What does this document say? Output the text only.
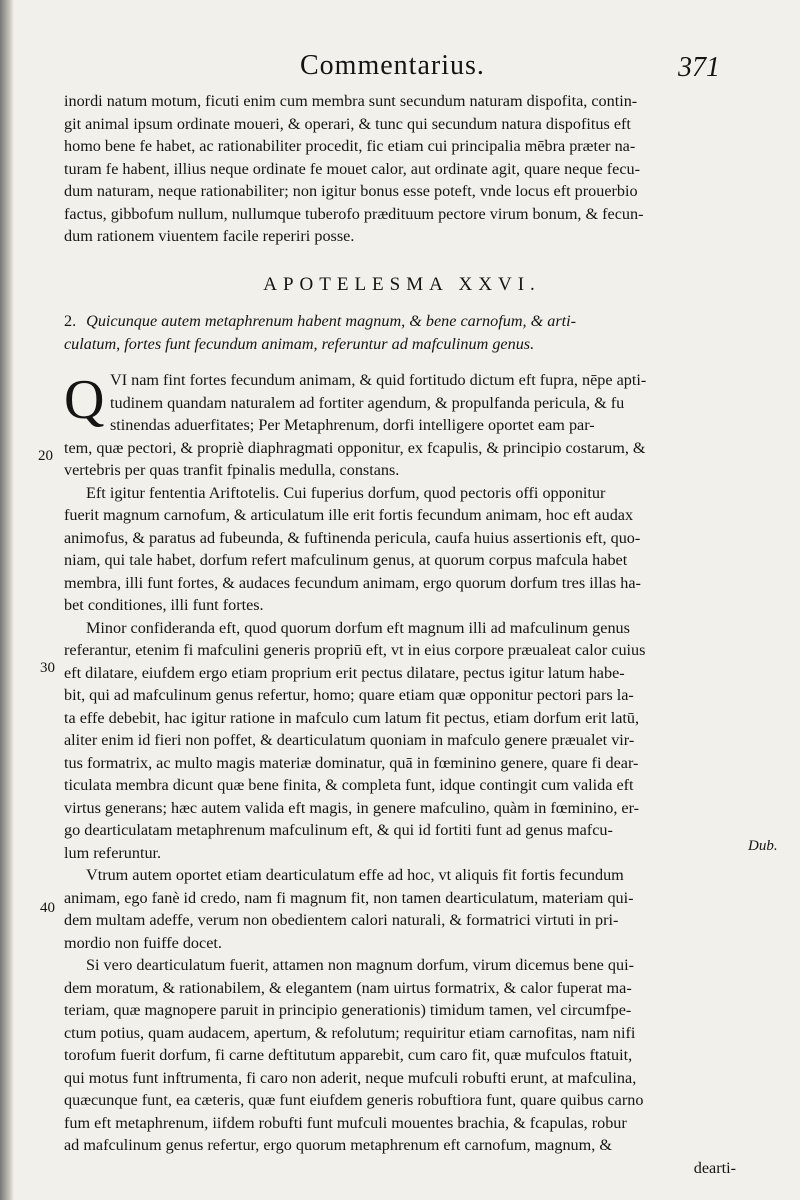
Commentarius.	371
inordi natum motum, ficuti enim cum membra sunt secundum naturam dispofita, contin-
git animal ipsum ordinate moueri, & operari, & tunc qui secundum natura dispofitus eft
homo bene fe habet, ac rationabiliter procedit, fic etiam cui principalia mēbra præter na-
turam fe habent, illius neque ordinate fe mouet calor, aut ordinate agit, quare neque fecu-
dum naturam, neque rationabiliter; non igitur bonus esse poteft, vnde locus eft prouerbio
factus, gibbofum nullum, nullumque tuberofo prædituum pectore virum bonum, & fecun-
dum rationem viuentem facile reperiri posse.
APOTELESMA XXVI.
2. Quicunque autem metaphrenum habent magnum, & bene carnofum, & arti-
culatum, fortes funt fecundum animam, referuntur ad mafculinum genus.
Q VI nam fint fortes fecundum animam, & quid fortitudo dictum eft fupra, nēpe apti-
tudinem quandam naturalem ad fortiter agendum, & propulfanda pericula, & fu
stinendas aduerfitates; Per Metaphrenum, dorfi intelligere oportet eam par-
tem, quæ pectori, & propriè diaphragmati opponitur, ex fcapulis, & principio costarum, &
vertebris per quas tranfit fpinalis medulla, constans.
Eft igitur fententia Ariftotelis. Cui fuperius dorfum, quod pectoris offi opponitur
fuerit magnum carnofum, & articulatum ille erit fortis fecundum animam, hoc eft audax
animofus, & paratus ad fubeunda, & fuftinenda pericula, caufa huius assertionis eft, quo-
niam, qui tale habet, dorfum refert mafculinum genus, at quorum corpus mafcula habet
membra, illi funt fortes, & audaces fecundum animam, ergo quorum dorfum tres illas ha-
bet conditiones, illi funt fortes.
Minor confideranda eft, quod quorum dorfum eft magnum illi ad mafculinum genus
referantur, etenim fi mafculini generis propriū eft, vt in eius corpore præualeat calor cuius
eft dilatare, eiufdem ergo etiam proprium erit pectus dilatare, pectus igitur latum habe-
bit, qui ad mafculinum genus refertur, homo; quare etiam quæ opponitur pectori pars la-
ta effe debebit, hac igitur ratione in mafculo cum latum fit pectus, etiam dorfum erit latū,
aliter enim id fieri non poffet, & dearticulatum quoniam in mafculo genere præualet vir-
tus formatrix, ac multo magis materiæ dominatur, quā in fœminino genere, quare fi dear-
ticulata membra dicunt quæ bene finita, & completa funt, idque contingit cum valida eft
virtus generans; hæc autem valida eft magis, in genere mafculino, quàm in fœminino, er-
go dearticulatam metaphrenum mafculinum eft, & qui id fortiti funt ad genus mafcu-
lum referuntur.
Vtrum autem oportet etiam dearticulatum effe ad hoc, vt aliquis fit fortis fecundum
animam, ego fanè id credo, nam fi magnum fit, non tamen dearticulatum, materiam qui-
dem multam adeffe, verum non obedientem calori naturali, & formatrici virtuti in pri-
mordio non fuiffe docet.
Si vero dearticulatum fuerit, attamen non magnum dorfum, virum dicemus bene qui-
dem moratum, & rationabilem, & elegantem (nam uirtus formatrix, & calor fuperat ma-
teriam, quæ magnopere paruit in principio generationis) timidum tamen, vel circumfpe-
ctum potius, quam audacem, apertum, & refolutum; requiritur etiam carnofitas, nam nifi
torofum fuerit dorfum, fi carne deftitutum apparebit, cum caro fit, quæ mufculos ftatuit,
qui motus funt inftrumenta, fi caro non aderit, neque mufculi robufti erunt, at mafculina,
quæcunque funt, ea cæteris, quæ funt eiufdem generis robuftiora funt, quare quibus carno
fum eft metaphrenum, iifdem robufti funt mufculi mouentes brachia, & fcapulas, robur
ad mafculinum genus refertur, ergo quorum metaphrenum eft carnofum, magnum, &
dearti-
20
30
40
Dub.
